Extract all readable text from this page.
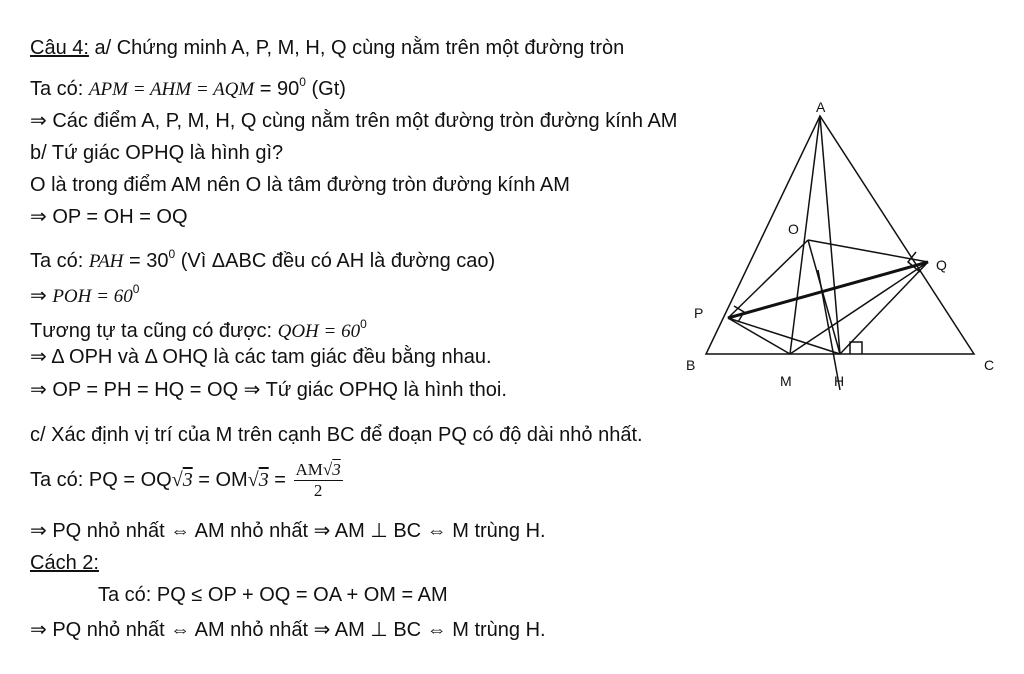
Câu 4: a/ Chứng minh A, P, M, H, Q cùng nằm trên một đường tròn
Ta có: APM = AHM = AQM = $90^0$ (Gt)
⇒ Các điểm A, P, M, H, Q cùng nằm trên một đường tròn đường kính AM
b/ Tứ giác OPHQ là hình gì?
O là trong điểm AM nên O là tâm đường tròn đường kính AM
⇒ OP = OH = OQ
Ta có: PAH = $30^0$ (Vì ΔABC đều có AH là đường cao)
⇒ POH = $60^0$
Tương tự ta cũng có được: QOH = $60^0$
⇒ Δ OPH và Δ OHQ là các tam giác đều bằng nhau.
⇒ OP = PH = HQ = OQ ⇒ Tứ giác OPHQ là hình thoi.
c/ Xác định vị trí của M trên cạnh BC để đoạn PQ có độ dài nhỏ nhất.
Ta có: PQ = $OQ√3 = OM√3 = \frac{AM√3}{2}$
⇒ PQ nhỏ nhất ⇔ AM nhỏ nhất ⇒ AM ⊥ BC ⇔ M trùng H.
Cách 2:
Ta có: PQ ≤ OP + OQ = OA + OM = AM
⇒ PQ nhỏ nhất ⇔ AM nhỏ nhất ⇒ AM ⊥ BC ⇔ M trùng H.
A
B	C
M	H
O
P
Q
